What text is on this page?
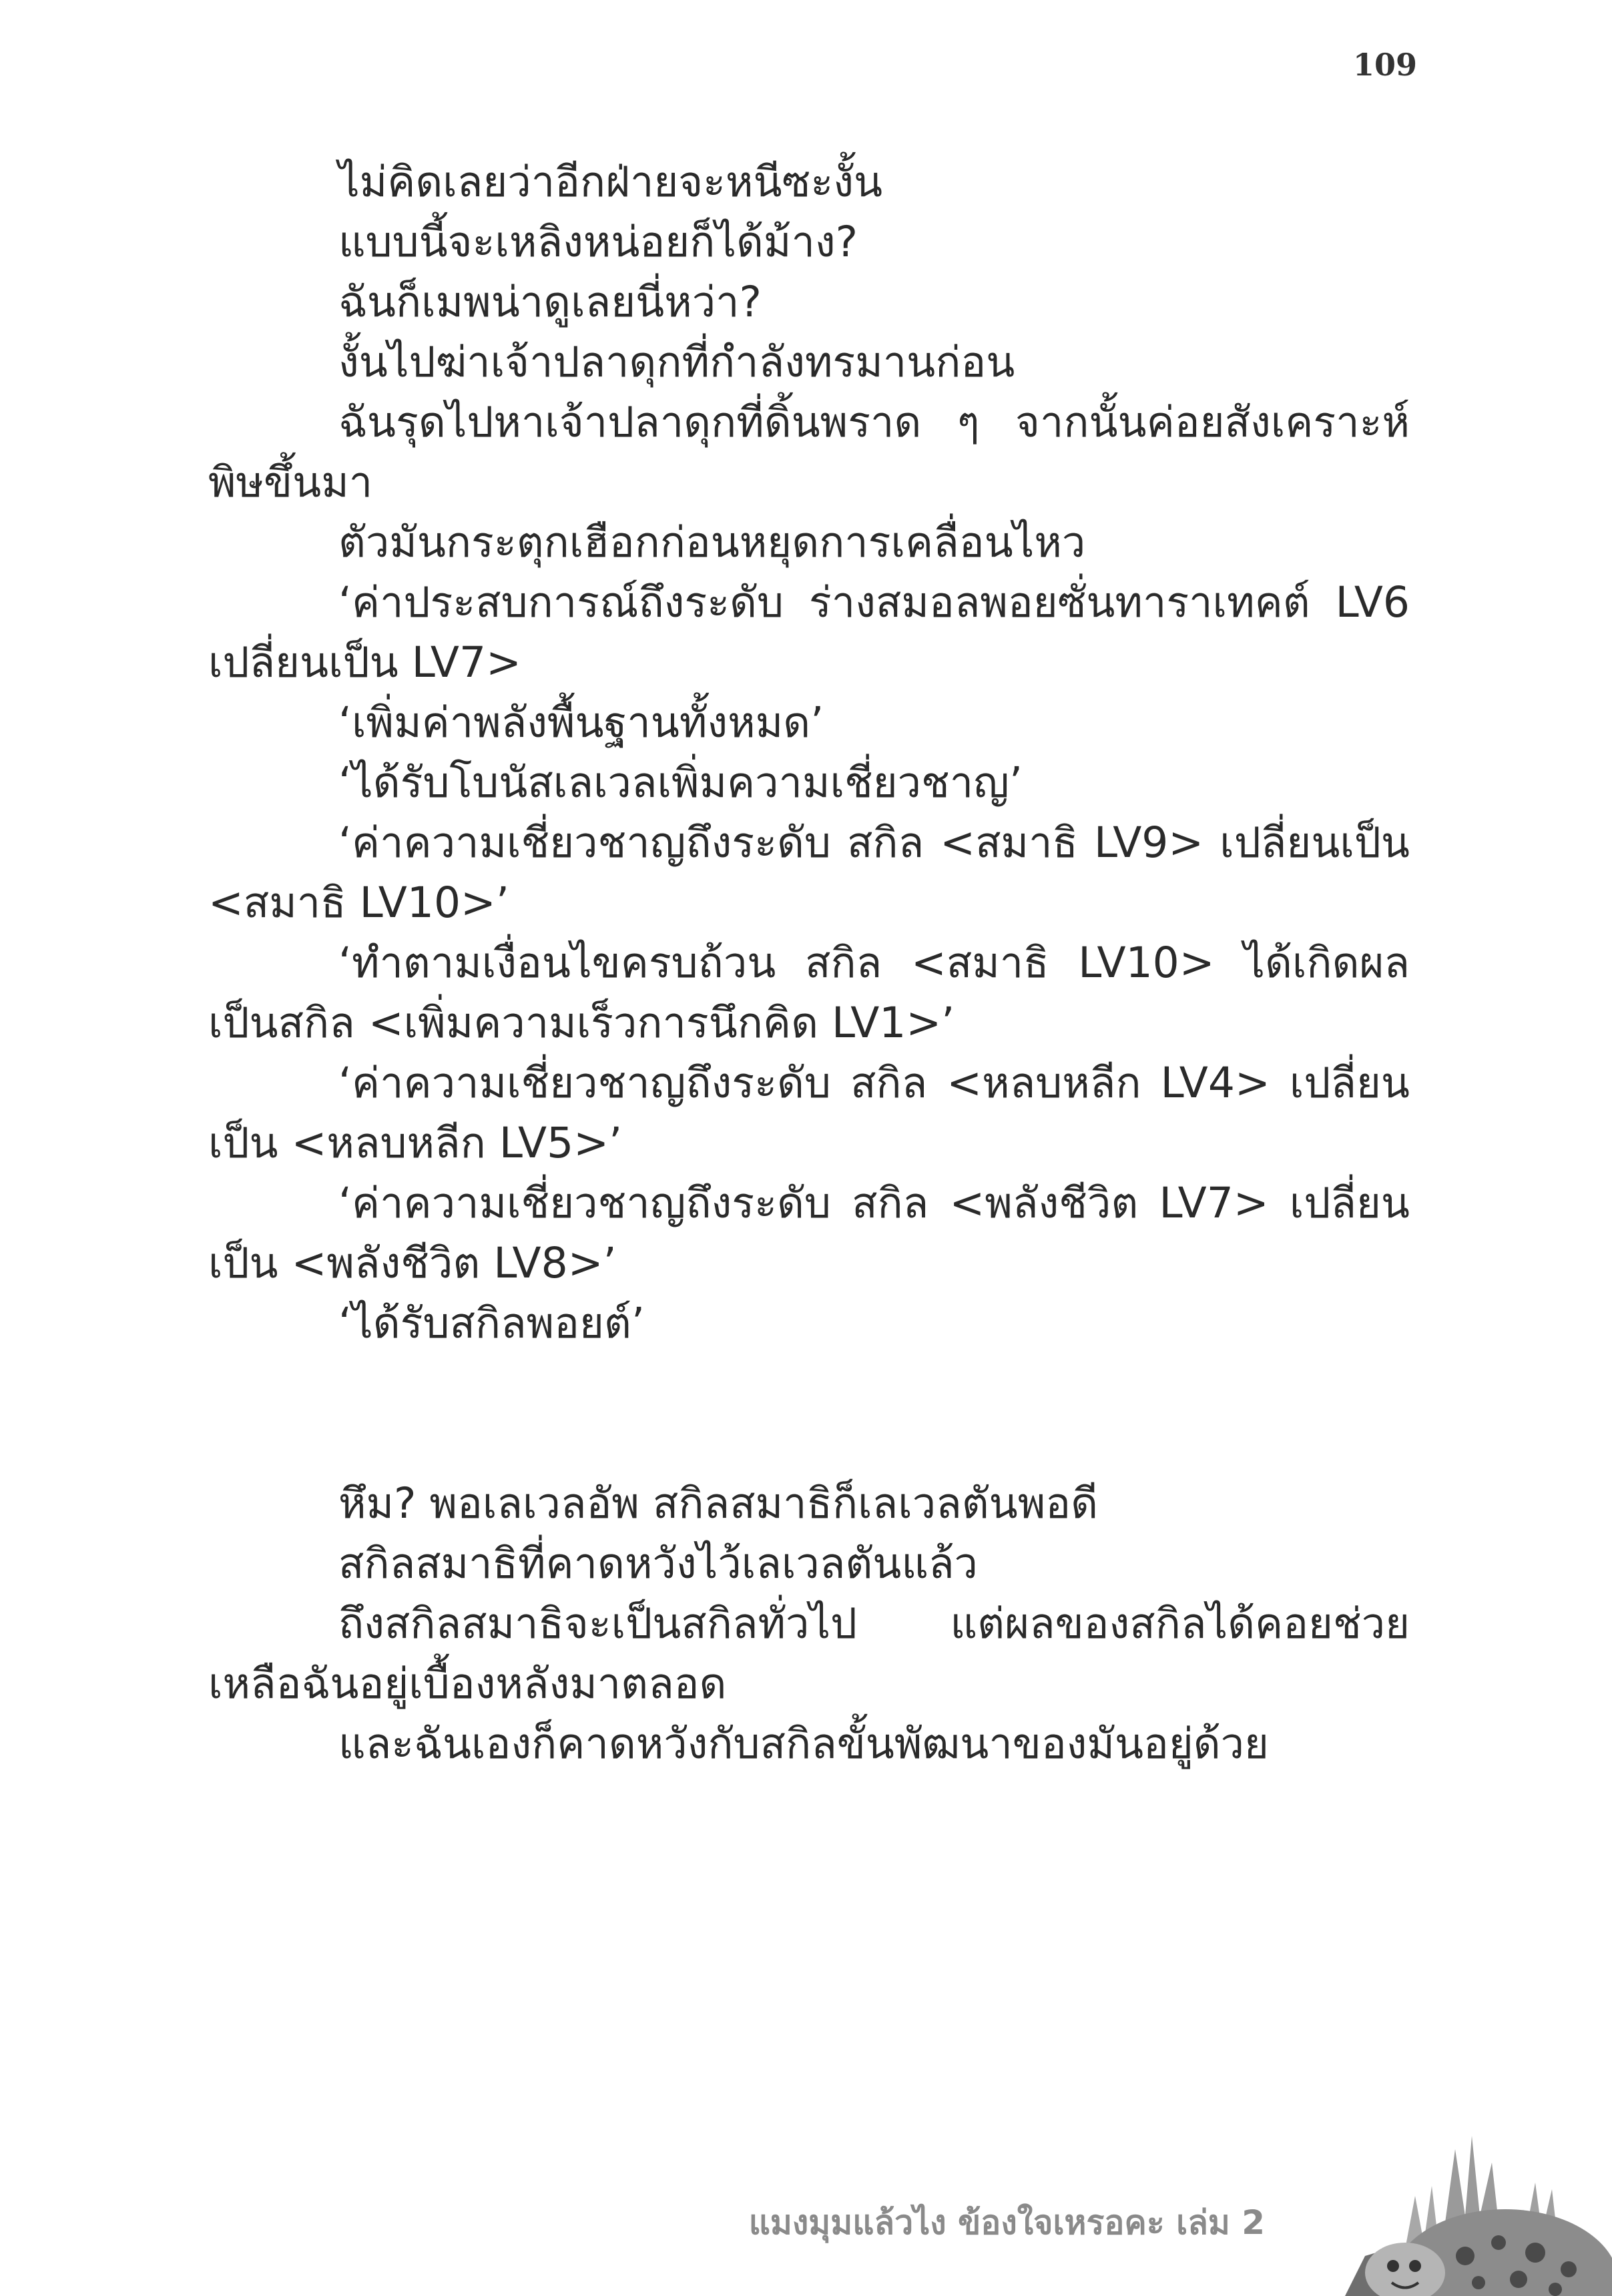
109

ไม่คิดเลยว่าอีกฝ่ายจะหนีซะงั้น

แบบนี้จะเหลิงหน่อยก็ได้ม้าง?

ฉันก็เมพน่าดูเลยนี่หว่า?

งั้นไปฆ่าเจ้าปลาดุกที่กำลังทรมานก่อน

ฉันรุดไปหาเจ้าปลาดุกที่ดิ้นพราด ๆ จากนั้นค่อยสังเคราะห์พิษขึ้นมา

ตัวมันกระตุกเฮือกก่อนหยุดการเคลื่อนไหว

‘ค่าประสบการณ์ถึงระดับ ร่างสมอลพอยซั่นทาราเทคต์ LV6 เปลี่ยนเป็น LV7>

‘เพิ่มค่าพลังพื้นฐานทั้งหมด’

‘ได้รับโบนัสเลเวลเพิ่มความเชี่ยวชาญ’

‘ค่าความเชี่ยวชาญถึงระดับ สกิล <สมาธิ LV9> เปลี่ยนเป็น <สมาธิ LV10>’

‘ทำตามเงื่อนไขครบถ้วน สกิล <สมาธิ LV10> ได้เกิดผลเป็นสกิล <เพิ่มความเร็วการนึกคิด LV1>’

‘ค่าความเชี่ยวชาญถึงระดับ สกิล <หลบหลีก LV4> เปลี่ยนเป็น <หลบหลีก LV5>’

‘ค่าความเชี่ยวชาญถึงระดับ สกิล <พลังชีวิต LV7> เปลี่ยนเป็น <พลังชีวิต LV8>’

‘ได้รับสกิลพอยต์’

หึม? พอเลเวลอัพ สกิลสมาธิก็เลเวลตันพอดี

สกิลสมาธิที่คาดหวังไว้เลเวลตันแล้ว

ถึงสกิลสมาธิจะเป็นสกิลทั่วไป แต่ผลของสกิลได้คอยช่วยเหลือฉันอยู่เบื้องหลังมาตลอด

และฉันเองก็คาดหวังกับสกิลขั้นพัฒนาของมันอยู่ด้วย

แมงมุมแล้วไง ข้องใจเหรอคะ เล่ม 2
